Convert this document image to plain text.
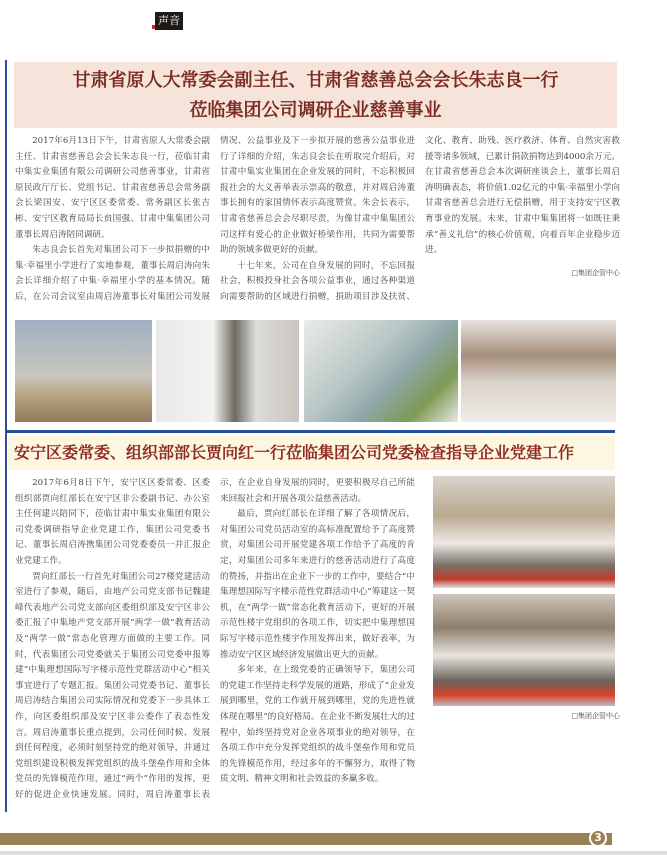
声音
甘肃省原人大常委会副主任、甘肃省慈善总会会长朱志良一行
莅临集团公司调研企业慈善事业

2017年6月13日下午，甘肃省原人大常委会副主任、甘肃省慈善总会会长朱志良一行，莅临甘肃中集实业集团有限公司调研公司慈善事业，甘肃省原民政厅厅长、党组书记、甘肃省慈善总会常务副会长梁国安、安宁区区委常委、常务副区长张吉彬、安宁区教育局局长贠国强、甘肃中集集团公司董事长周启涛陪同调研。

朱志良会长首先对集团公司下一步拟捐赠的中集·幸福里小学进行了实地参观，董事长周启涛向朱会长详细介绍了中集·幸福里小学的基本情况。随后，在公司会议室由周启涛董事长对集团公司发展情况、公益事业及下一步拟开展的慈善公益事业进行了详细的介绍，朱志良会长在听取完介绍后，对甘肃中集实业集团在企业发展的同时，不忘积极回报社会的大义善举表示崇高的敬意，并对周启涛董事长拥有的家国情怀表示高度赞赏。朱会长表示，甘肃省慈善总会会尽职尽责，为像甘肃中集集团公司这样有爱心的企业做好桥梁作用，共同为需要帮助的领域多做更好的贡献。

十七年来，公司在自身发展的同时，不忘回报社会，积极投身社会各项公益事业，通过各种渠道向需要帮助的区域进行捐赠，捐助项目涉及扶贫、文化、教育、助残、医疗救济、体育、自然灾害救援等诸多领域，已累计捐款捐物达到4000余万元。在甘肃省慈善总会本次调研座谈会上，董事长周启涛明确表态，将价值1.02亿元的中集·幸福里小学向甘肃省慈善总会进行无偿捐赠，用于支持安宁区教育事业的发展。未来，甘肃中集集团将一如既往秉承“善义礼信”的核心价值观，向着百年企业稳步迈进。

□集团企管中心
安宁区委常委、组织部部长贾向红一行莅临集团公司党委检查指导企业党建工作

2017年6月8日下午，安宁区区委常委、区委组织部贾向红部长在安宁区非公委副书记、办公室主任何建兴陪同下，莅临甘肃中集实业集团有限公司党委调研指导企业党建工作，集团公司党委书记、董事长周启涛携集团公司党委委员一并汇报企业党建工作。

贾向红部长一行首先对集团公司27楼党建活动室进行了参观，随后，由地产公司党支部书记魏建峰代表地产公司党支部向区委组织部及安宁区非公委汇报了中集地产党支部开展“两学一做”教育活动及“两学一做”常态化管理方面做的主要工作。同时，代表集团公司党委就关于集团公司党委申报筹建“中集理想国际写字楼示范性党群活动中心”相关事宜进行了专题汇报。集团公司党委书记、董事长周启涛结合集团公司实际情况和党委下一步具体工作，向区委组织部及安宁区非公委作了表态性发言。周启涛董事长重点提到，公司任何时候、发展到任何程度，必须时刻坚持党的绝对领导，并通过党组织建设积极发挥党组织的战斗堡垒作用和全体党员的先锋模范作用，通过“两个”作用的发挥，更好的促进企业快速发展。同时，周启涛董事长表示，在企业自身发展的同时，更要积极尽自己所能来回报社会和开展各项公益慈善活动。

最后，贾向红部长在详细了解了各项情况后，对集团公司党员活动室的高标准配置给予了高度赞赏，对集团公司开展党建各项工作给予了高度的肯定，对集团公司多年来进行的慈善活动进行了高度的赞扬，并指出在企业下一步的工作中，要结合“中集理想国际写字楼示范性党群活动中心”筹建这一契机，在“两学一做”常态化教育活动下，更好的开展示范性楼宇党组织的各项工作，切实把中集理想国际写字楼示范性楼宇作用发挥出来，做好表率，为推动安宁区区域经济发展做出更大的贡献。

多年来，在上级党委的正确领导下，集团公司的党建工作坚持走科学发展的道路，形成了“企业发展到哪里，党的工作就开展到哪里，党的先进性就体现在哪里”的良好格局。在企业不断发展壮大的过程中，始终坚持党对企业各项事业的绝对领导，在各项工作中充分发挥党组织的战斗堡垒作用和党员的先锋模范作用，经过多年的不懈努力，取得了物质文明、精神文明和社会效益的多赢多收。

□集团企管中心
3
